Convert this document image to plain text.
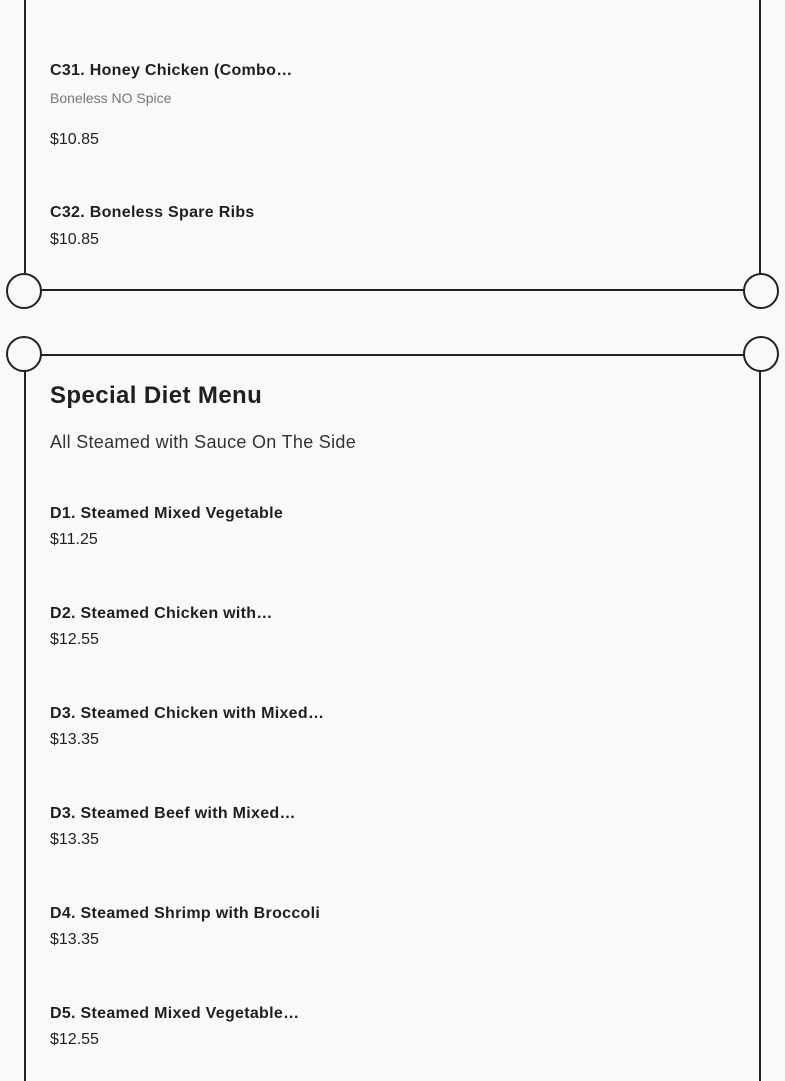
C31. Honey Chicken (Combo…
Boneless NO Spice
$10.85
C32. Boneless Spare Ribs
$10.85
Special Diet Menu
All Steamed with Sauce On The Side
D1. Steamed Mixed Vegetable
$11.25
D2. Steamed Chicken with…
$12.55
D3. Steamed Chicken with Mixed…
$13.35
D3. Steamed Beef with Mixed…
$13.35
D4. Steamed Shrimp with Broccoli
$13.35
D5. Steamed Mixed Vegetable…
$12.55
